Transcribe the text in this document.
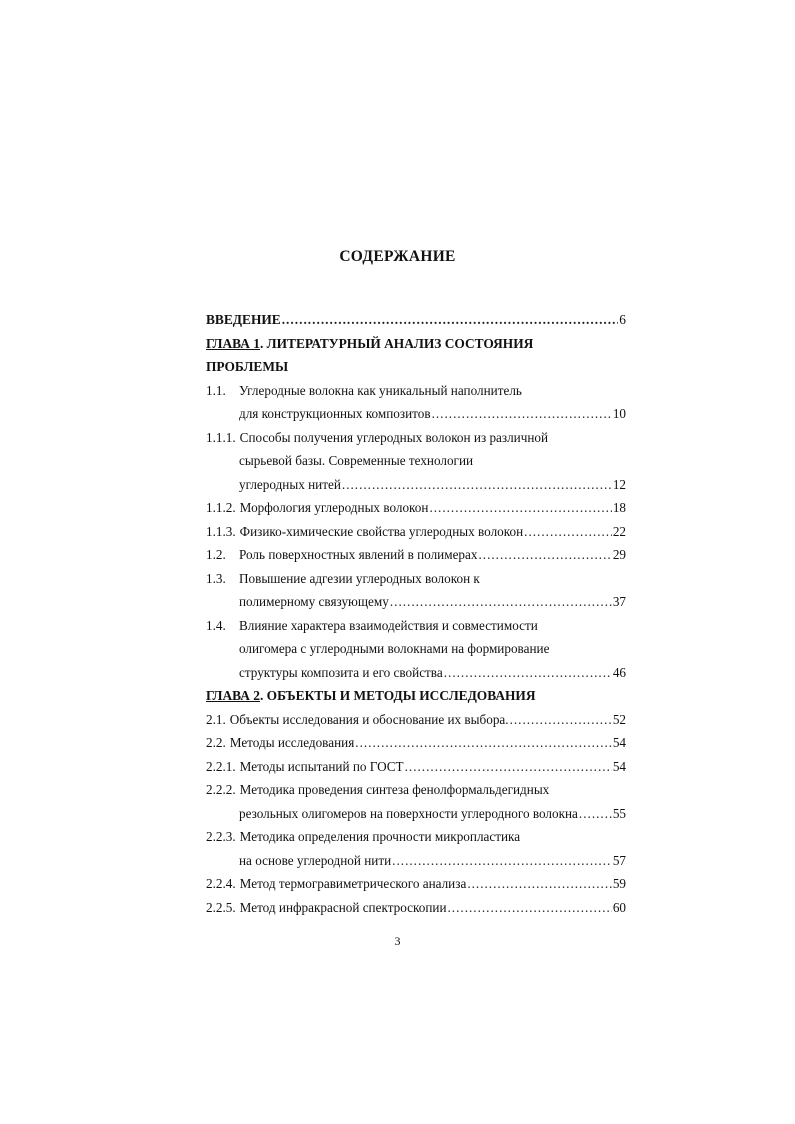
СОДЕРЖАНИЕ
ВВЕДЕНИЕ .....	6
ГЛАВА 1. ЛИТЕРАТУРНЫЙ АНАЛИЗ СОСТОЯНИЯ
ПРОБЛЕМЫ
1.1. Углеродные волокна как уникальный наполнитель
для конструкционных композитов .....	10
1.1.1. Способы получения углеродных волокон из различной
сырьевой базы. Современные технологии
углеродных нитей .....	12
1.1.2. Морфология углеродных волокон .....	18
1.1.3. Физико-химические свойства углеродных волокон .....	22
1.2. Роль поверхностных явлений в полимерах .....	29
1.3. Повышение адгезии углеродных волокон к
полимерному связующему .....	37
1.4. Влияние характера взаимодействия и совместимости
олигомера с углеродными волокнами на формирование
структуры композита и его свойства .....	46
ГЛАВА 2. ОБЪЕКТЫ И МЕТОДЫ ИССЛЕДОВАНИЯ
2.1. Объекты исследования и обоснование их выбора. .....	52
2.2. Методы исследования .....	54
2.2.1. Методы испытаний по ГОСТ .....	54
2.2.2. Методика проведения синтеза фенолформальдегидных
резольных олигомеров на поверхности углеродного волокна .....	55
2.2.3. Методика определения прочности микропластика
на основе углеродной нити .....	57
2.2.4. Метод термогравиметрического анализа .....	59
2.2.5. Метод инфракрасной спектроскопии .....	60
3
